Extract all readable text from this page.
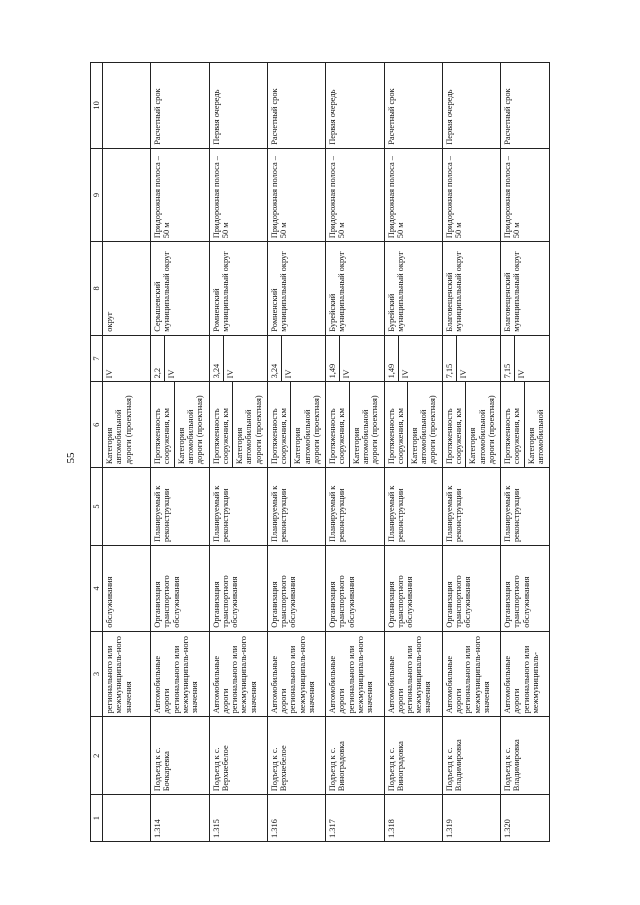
55
1	2	3	4	5	6	7	8	9	10
		регионального или межмуниципаль-ного значения	обслуживания		Категория автомобильной дороги (проектная)	IV	округ		
1.314	Подъезд к с. Бочкаревка	Автомобильные дороги регионального или межмуниципаль-ного значения	Организация транспортного обслуживания	Планируемый к реконструкции	Протяженность сооружения, км Категория автомобильной дороги (проектная)	2,2 IV	Серышевский муниципальный округ	Придорожная полоса – 50 м	Расчетный срок
1.315	Подъезд к с. Верхнебелое	Автомобильные дороги регионального или межмуниципаль-ного значения	Организация транспортного обслуживания	Планируемый к реконструкции	Протяженность сооружения, км Категория автомобильной дороги (проектная)	3,24 IV	Ромненский муниципальный округ	Придорожная полоса – 50 м	Первая очередь
1.316	Подъезд к с. Верхнебелое	Автомобильные дороги регионального или межмуниципаль-ного значения	Организация транспортного обслуживания	Планируемый к реконструкции	Протяженность сооружения, км Категория автомобильной дороги (проектная)	3,24 IV	Ромненский муниципальный округ	Придорожная полоса – 50 м	Расчетный срок
1.317	Подъезд к с. Виноградовка	Автомобильные дороги регионального или межмуниципаль-ного значения	Организация транспортного обслуживания	Планируемый к реконструкции	Протяженность сооружения, км Категория автомобильной дороги (проектная)	1,49 IV	Бурейский муниципальный округ	Придорожная полоса – 50 м	Первая очередь
1.318	Подъезд к с. Виноградовка	Автомобильные дороги регионального или межмуниципаль-ного значения	Организация транспортного обслуживания	Планируемый к реконструкции	Протяженность сооружения, км Категория автомобильной дороги (проектная)	1,49 IV	Бурейский муниципальный округ	Придорожная полоса – 50 м	Расчетный срок
1.319	Подъезд к с. Владимировка	Автомобильные дороги регионального или межмуниципаль-ного значения	Организация транспортного обслуживания	Планируемый к реконструкции	Протяженность сооружения, км Категория автомобильной дороги (проектная)	7,15 IV	Благовещенский муниципальный округ	Придорожная полоса – 50 м	Первая очередь
1.320	Подъезд к с. Владимировка	Автомобильные дороги регионального или межмуниципаль-	Организация транспортного обслуживания	Планируемый к реконструкции	Протяженность сооружения, км Категория автомобильной	7,15 IV	Благовещенский муниципальный округ	Придорожная полоса – 50 м	Расчетный срок
